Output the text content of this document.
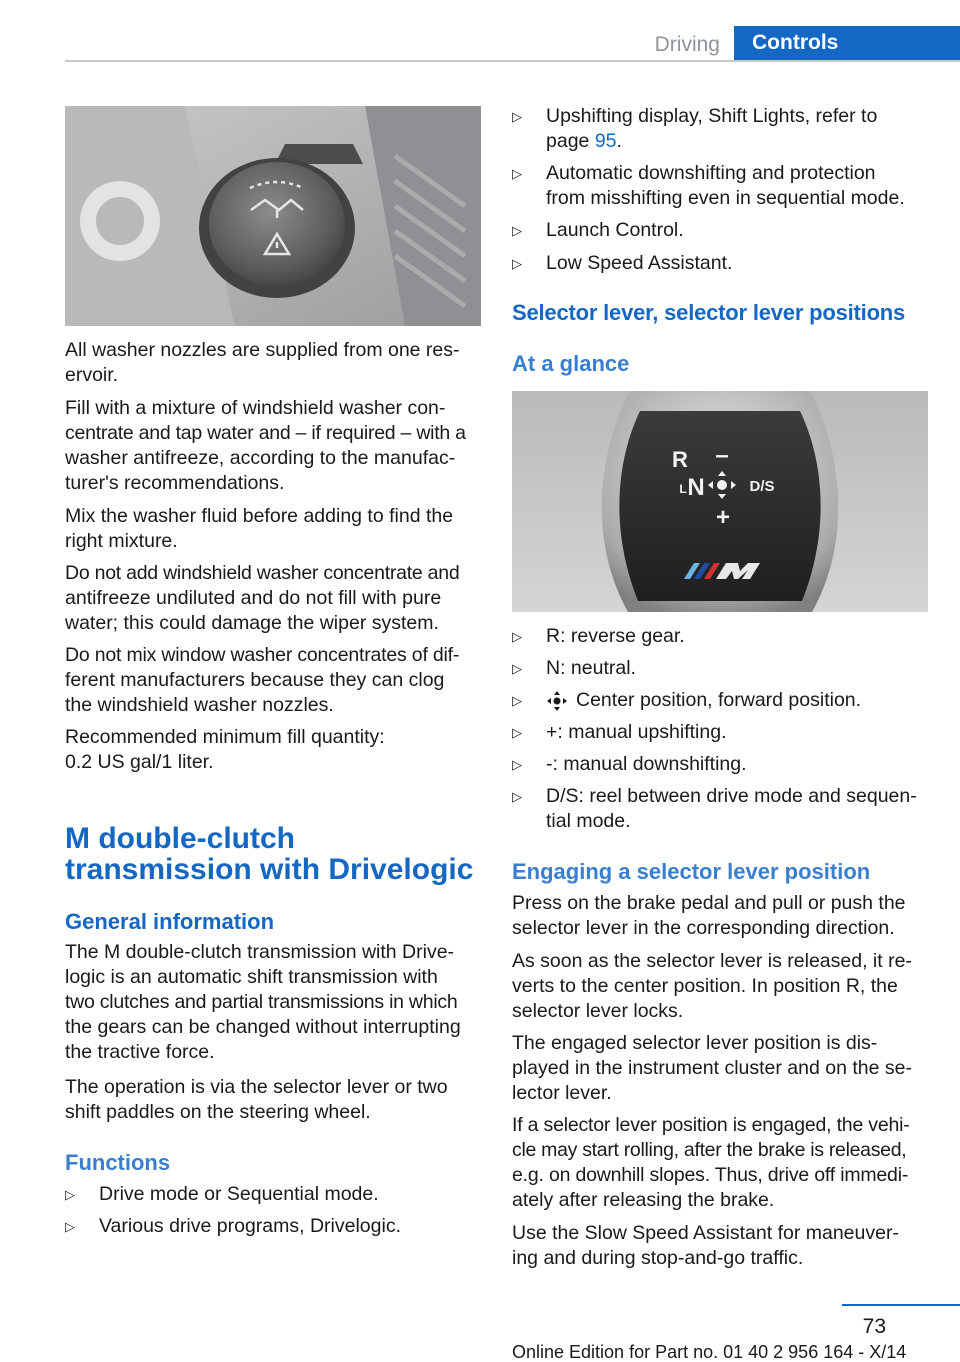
Driving	Controls

All washer nozzles are supplied from one res-
ervoir.

Fill with a mixture of windshield washer con-
centrate and tap water and – if required – with a
washer antifreeze, according to the manufac-
turer's recommendations.

Mix the washer fluid before adding to find the
right mixture.

Do not add windshield washer concentrate and
antifreeze undiluted and do not fill with pure
water; this could damage the wiper system.

Do not mix window washer concentrates of dif-
ferent manufacturers because they can clog
the windshield washer nozzles.

Recommended minimum fill quantity:
0.2 US gal/1 liter.

M double-clutch
transmission with Drivelogic
General information

The M double-clutch transmission with Drive-
logic is an automatic shift transmission with
two clutches and partial transmissions in which
the gears can be changed without interrupting
the tractive force.

The operation is via the selector lever or two
shift paddles on the steering wheel.

Functions
▷	Drive mode or Sequential mode.
▷	Various drive programs, Drivelogic.
▷	Upshifting display, Shift Lights, refer to
page 95.
▷	Automatic downshifting and protection
from misshifting even in sequential mode.
▷	Launch Control.
▷	Low Speed Assistant.
Selector lever, selector lever positions
At a glance
R –
L N	D/S
+
▷	R: reverse gear.
▷	N: neutral.
▷	Center position, forward position.
▷	+: manual upshifting.
▷	-: manual downshifting.
▷	D/S: reel between drive mode and sequen-
tial mode.
Engaging a selector lever position

Press on the brake pedal and pull or push the
selector lever in the corresponding direction.

As soon as the selector lever is released, it re-
verts to the center position. In position R, the
selector lever locks.

The engaged selector lever position is dis-
played in the instrument cluster and on the se-
lector lever.

If a selector lever position is engaged, the vehi-
cle may start rolling, after the brake is released,
e.g. on downhill slopes. Thus, drive off immedi-
ately after releasing the brake.

Use the Slow Speed Assistant for maneuver-
ing and during stop-and-go traffic.

73
Online Edition for Part no. 01 40 2 956 164 - X/14
